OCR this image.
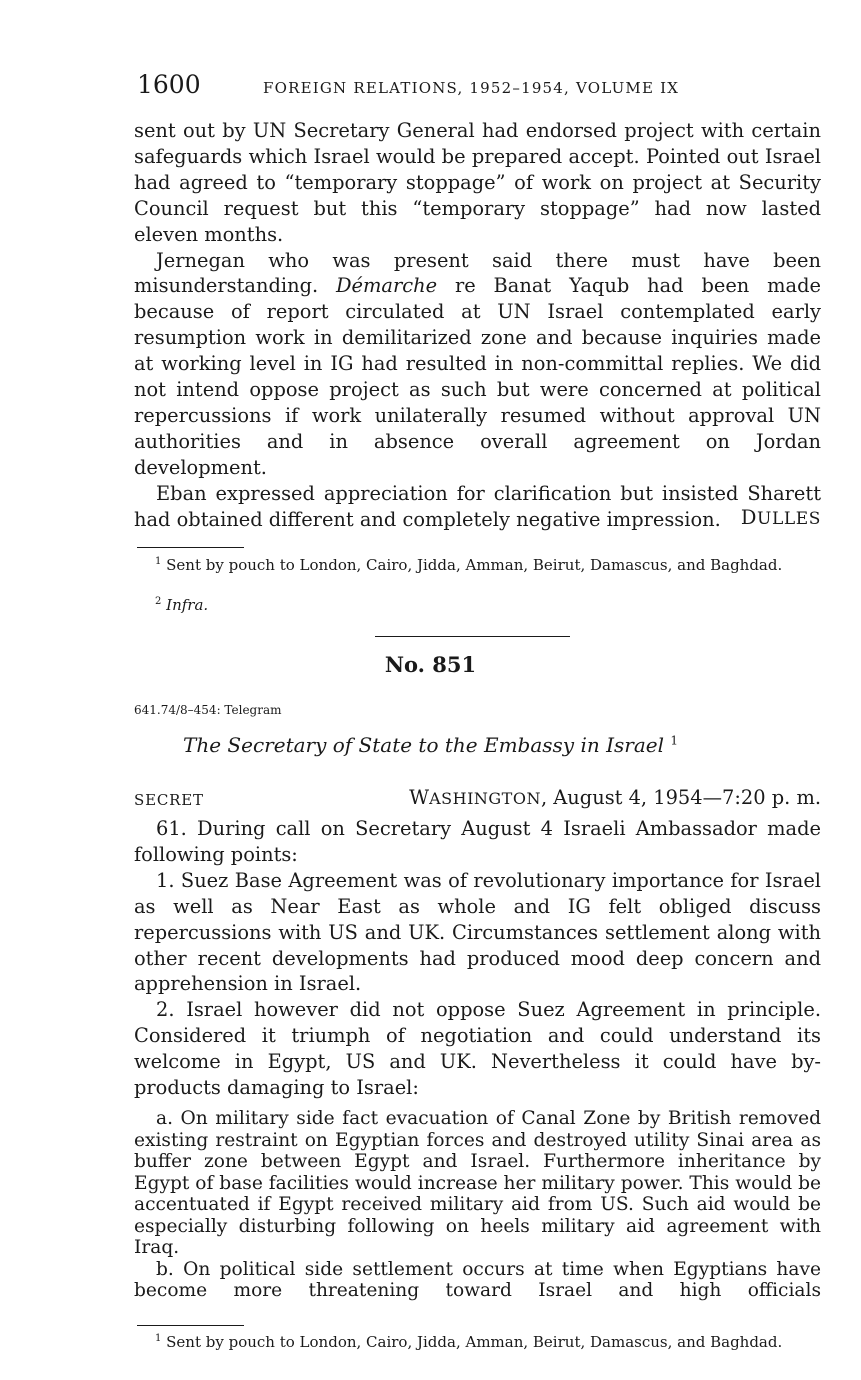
1600	FOREIGN RELATIONS, 1952–1954, VOLUME IX

sent out by UN Secretary General had endorsed project with certain safeguards which Israel would be prepared accept. Pointed out Israel had agreed to “temporary stoppage” of work on project at Security Council request but this “temporary stoppage” had now lasted eleven months.

Jernegan who was present said there must have been misunderstanding. Démarche re Banat Yaqub had been made because of report circulated at UN Israel contemplated early resumption work in demilitarized zone and because inquiries made at working level in IG had resulted in non-committal replies. We did not intend oppose project as such but were concerned at political repercussions if work unilaterally resumed without approval UN authorities and in absence overall agreement on Jordan development.

Eban expressed appreciation for clarification but insisted Sharett had obtained different and completely negative impression.	DULLES

$^1$ Sent by pouch to London, Cairo, Jidda, Amman, Beirut, Damascus, and Baghdad.

$^2$ Infra.

No. 851
641.74/8–454: Telegram
The Secretary of State to the Embassy in Israel $^1$
SECRET	WASHINGTON, August 4, 1954—7:20 p. m.

61. During call on Secretary August 4 Israeli Ambassador made following points:

1. Suez Base Agreement was of revolutionary importance for Israel as well as Near East as whole and IG felt obliged discuss repercussions with US and UK. Circumstances settlement along with other recent developments had produced mood deep concern and apprehension in Israel.

2. Israel however did not oppose Suez Agreement in principle. Considered it triumph of negotiation and could understand its welcome in Egypt, US and UK. Nevertheless it could have by-products damaging to Israel:

a. On military side fact evacuation of Canal Zone by British removed existing restraint on Egyptian forces and destroyed utility Sinai area as buffer zone between Egypt and Israel. Furthermore inheritance by Egypt of base facilities would increase her military power. This would be accentuated if Egypt received military aid from US. Such aid would be especially disturbing following on heels military aid agreement with Iraq.

b. On political side settlement occurs at time when Egyptians have become more threatening toward Israel and high officials

$^1$ Sent by pouch to London, Cairo, Jidda, Amman, Beirut, Damascus, and Baghdad.
